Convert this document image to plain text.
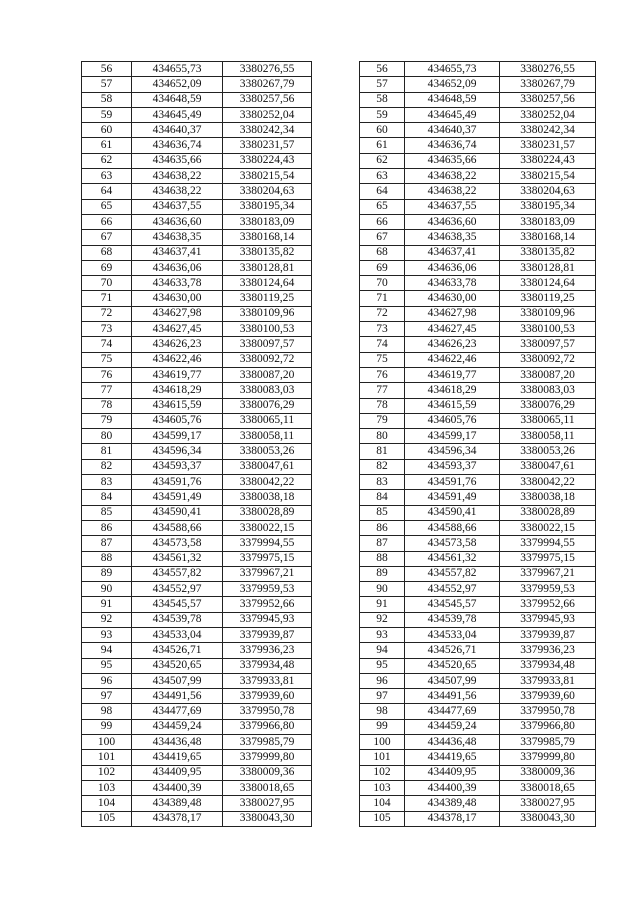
56	434655,73	3380276,55		56	434655,73	3380276,55
57	434652,09	3380267,79		57	434652,09	3380267,79
58	434648,59	3380257,56		58	434648,59	3380257,56
59	434645,49	3380252,04		59	434645,49	3380252,04
60	434640,37	3380242,34		60	434640,37	3380242,34
61	434636,74	3380231,57		61	434636,74	3380231,57
62	434635,66	3380224,43		62	434635,66	3380224,43
63	434638,22	3380215,54		63	434638,22	3380215,54
64	434638,22	3380204,63		64	434638,22	3380204,63
65	434637,55	3380195,34		65	434637,55	3380195,34
66	434636,60	3380183,09		66	434636,60	3380183,09
67	434638,35	3380168,14		67	434638,35	3380168,14
68	434637,41	3380135,82		68	434637,41	3380135,82
69	434636,06	3380128,81		69	434636,06	3380128,81
70	434633,78	3380124,64		70	434633,78	3380124,64
71	434630,00	3380119,25		71	434630,00	3380119,25
72	434627,98	3380109,96		72	434627,98	3380109,96
73	434627,45	3380100,53		73	434627,45	3380100,53
74	434626,23	3380097,57		74	434626,23	3380097,57
75	434622,46	3380092,72		75	434622,46	3380092,72
76	434619,77	3380087,20		76	434619,77	3380087,20
77	434618,29	3380083,03		77	434618,29	3380083,03
78	434615,59	3380076,29		78	434615,59	3380076,29
79	434605,76	3380065,11		79	434605,76	3380065,11
80	434599,17	3380058,11		80	434599,17	3380058,11
81	434596,34	3380053,26		81	434596,34	3380053,26
82	434593,37	3380047,61		82	434593,37	3380047,61
83	434591,76	3380042,22		83	434591,76	3380042,22
84	434591,49	3380038,18		84	434591,49	3380038,18
85	434590,41	3380028,89		85	434590,41	3380028,89
86	434588,66	3380022,15		86	434588,66	3380022,15
87	434573,58	3379994,55		87	434573,58	3379994,55
88	434561,32	3379975,15		88	434561,32	3379975,15
89	434557,82	3379967,21		89	434557,82	3379967,21
90	434552,97	3379959,53		90	434552,97	3379959,53
91	434545,57	3379952,66		91	434545,57	3379952,66
92	434539,78	3379945,93		92	434539,78	3379945,93
93	434533,04	3379939,87		93	434533,04	3379939,87
94	434526,71	3379936,23		94	434526,71	3379936,23
95	434520,65	3379934,48		95	434520,65	3379934,48
96	434507,99	3379933,81		96	434507,99	3379933,81
97	434491,56	3379939,60		97	434491,56	3379939,60
98	434477,69	3379950,78		98	434477,69	3379950,78
99	434459,24	3379966,80		99	434459,24	3379966,80
100	434436,48	3379985,79		100	434436,48	3379985,79
101	434419,65	3379999,80		101	434419,65	3379999,80
102	434409,95	3380009,36		102	434409,95	3380009,36
103	434400,39	3380018,65		103	434400,39	3380018,65
104	434389,48	3380027,95		104	434389,48	3380027,95
105	434378,17	3380043,30		105	434378,17	3380043,30
